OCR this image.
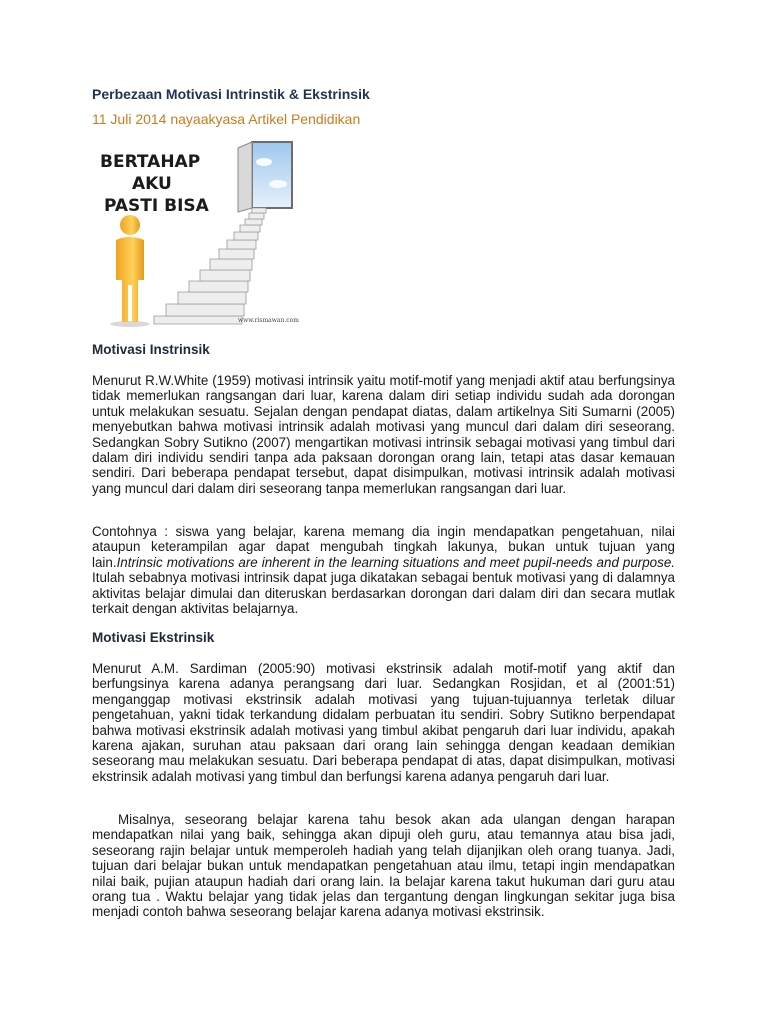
Perbezaan Motivasi Intrinstik & Ekstrinsik
11 Juli 2014 nayaakyasa Artikel Pendidikan
BERTAHAP
AKU
PASTI BISA
www.rismawan.com
Motivasi Instrinsik

Menurut R.W.White (1959) motivasi intrinsik yaitu motif-motif yang menjadi aktif atau berfungsinya tidak memerlukan rangsangan dari luar, karena dalam diri setiap individu sudah ada dorongan untuk melakukan sesuatu. Sejalan dengan pendapat diatas, dalam artikelnya Siti Sumarni (2005) menyebutkan bahwa motivasi intrinsik adalah motivasi yang muncul dari dalam diri seseorang. Sedangkan Sobry Sutikno (2007) mengartikan motivasi intrinsik sebagai motivasi yang timbul dari dalam diri individu sendiri tanpa ada paksaan dorongan orang lain, tetapi atas dasar kemauan sendiri. Dari beberapa pendapat tersebut, dapat disimpulkan, motivasi intrinsik adalah motivasi yang muncul dari dalam diri seseorang tanpa memerlukan rangsangan dari luar.

Contohnya : siswa yang belajar, karena memang dia ingin mendapatkan pengetahuan, nilai ataupun keterampilan agar dapat mengubah tingkah lakunya, bukan untuk tujuan yang lain.Intrinsic motivations are inherent in the learning situations and meet pupil-needs and purpose. Itulah sebabnya motivasi intrinsik dapat juga dikatakan sebagai bentuk motivasi yang di dalamnya aktivitas belajar dimulai dan diteruskan berdasarkan dorongan dari dalam diri dan secara mutlak terkait dengan aktivitas belajarnya.

Motivasi Ekstrinsik

Menurut A.M. Sardiman (2005:90) motivasi ekstrinsik adalah motif-motif yang aktif dan berfungsinya karena adanya perangsang dari luar. Sedangkan Rosjidan, et al (2001:51) menganggap motivasi ekstrinsik adalah motivasi yang tujuan-tujuannya terletak diluar pengetahuan, yakni tidak terkandung didalam perbuatan itu sendiri. Sobry Sutikno berpendapat bahwa motivasi ekstrinsik adalah motivasi yang timbul akibat pengaruh dari luar individu, apakah karena ajakan, suruhan atau paksaan dari orang lain sehingga dengan keadaan demikian seseorang mau melakukan sesuatu. Dari beberapa pendapat di atas, dapat disimpulkan, motivasi ekstrinsik adalah motivasi yang timbul dan berfungsi karena adanya pengaruh dari luar.

Misalnya, seseorang belajar karena tahu besok akan ada ulangan dengan harapan mendapatkan nilai yang baik, sehingga akan dipuji oleh guru, atau temannya atau bisa jadi, seseorang rajin belajar untuk memperoleh hadiah yang telah dijanjikan oleh orang tuanya. Jadi, tujuan dari belajar bukan untuk mendapatkan pengetahuan atau ilmu, tetapi ingin mendapatkan nilai baik, pujian ataupun hadiah dari orang lain. Ia belajar karena takut hukuman dari guru atau orang tua . Waktu belajar yang tidak jelas dan tergantung dengan lingkungan sekitar juga bisa menjadi contoh bahwa seseorang belajar karena adanya motivasi ekstrinsik.
